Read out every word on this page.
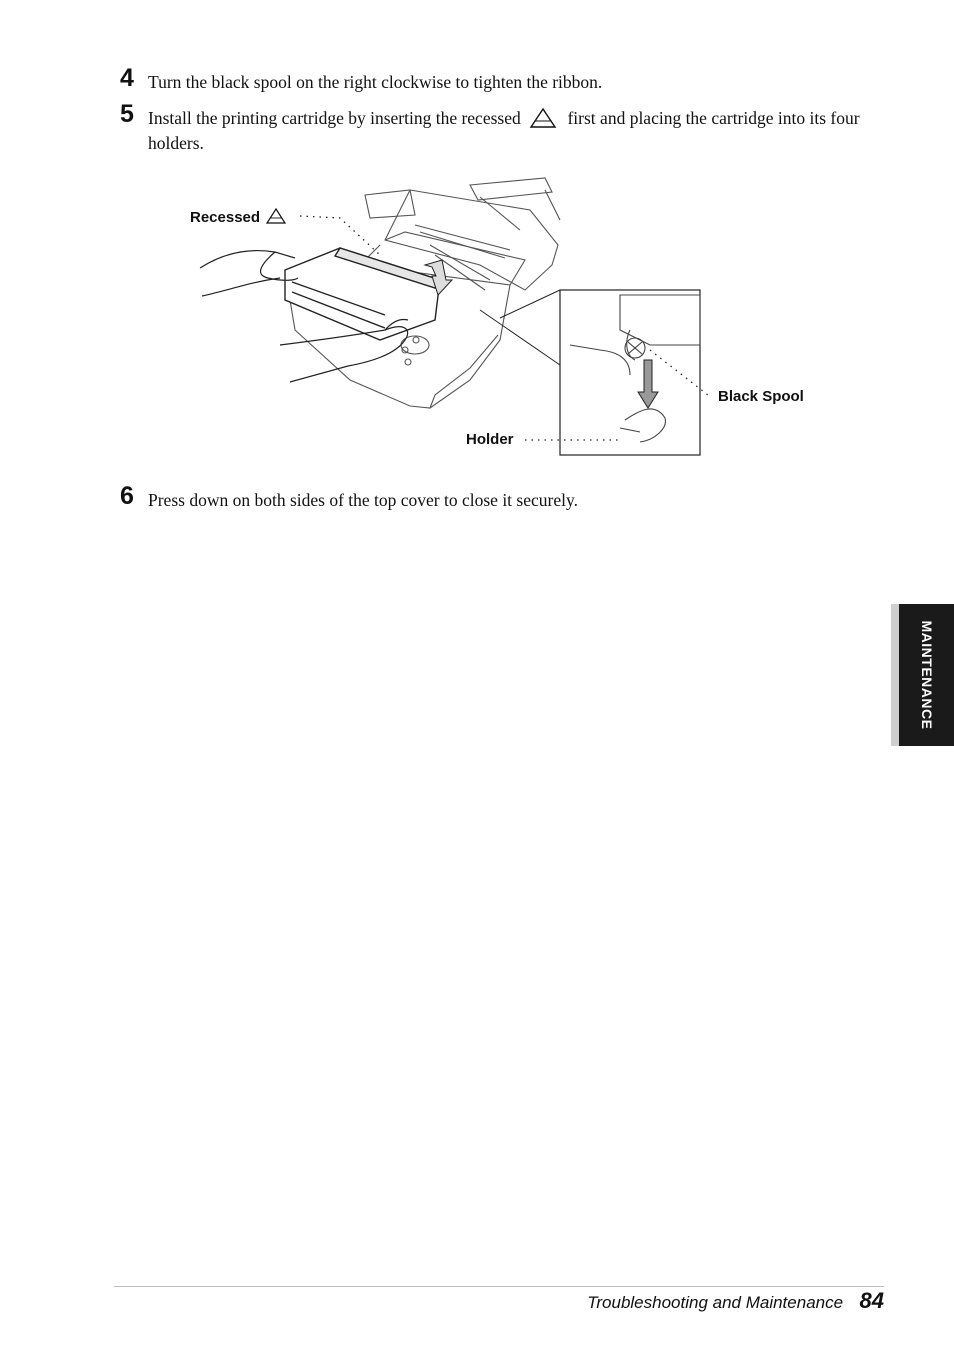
4 Turn the black spool on the right clockwise to tighten the ribbon.
5 Install the printing cartridge by inserting the recessed	first and placing the cartridge into its four holders.
Recessed
Black Spool
Holder
6 Press down on both sides of the top cover to close it securely.
MAINTENANCE
Troubleshooting and Maintenance 84
